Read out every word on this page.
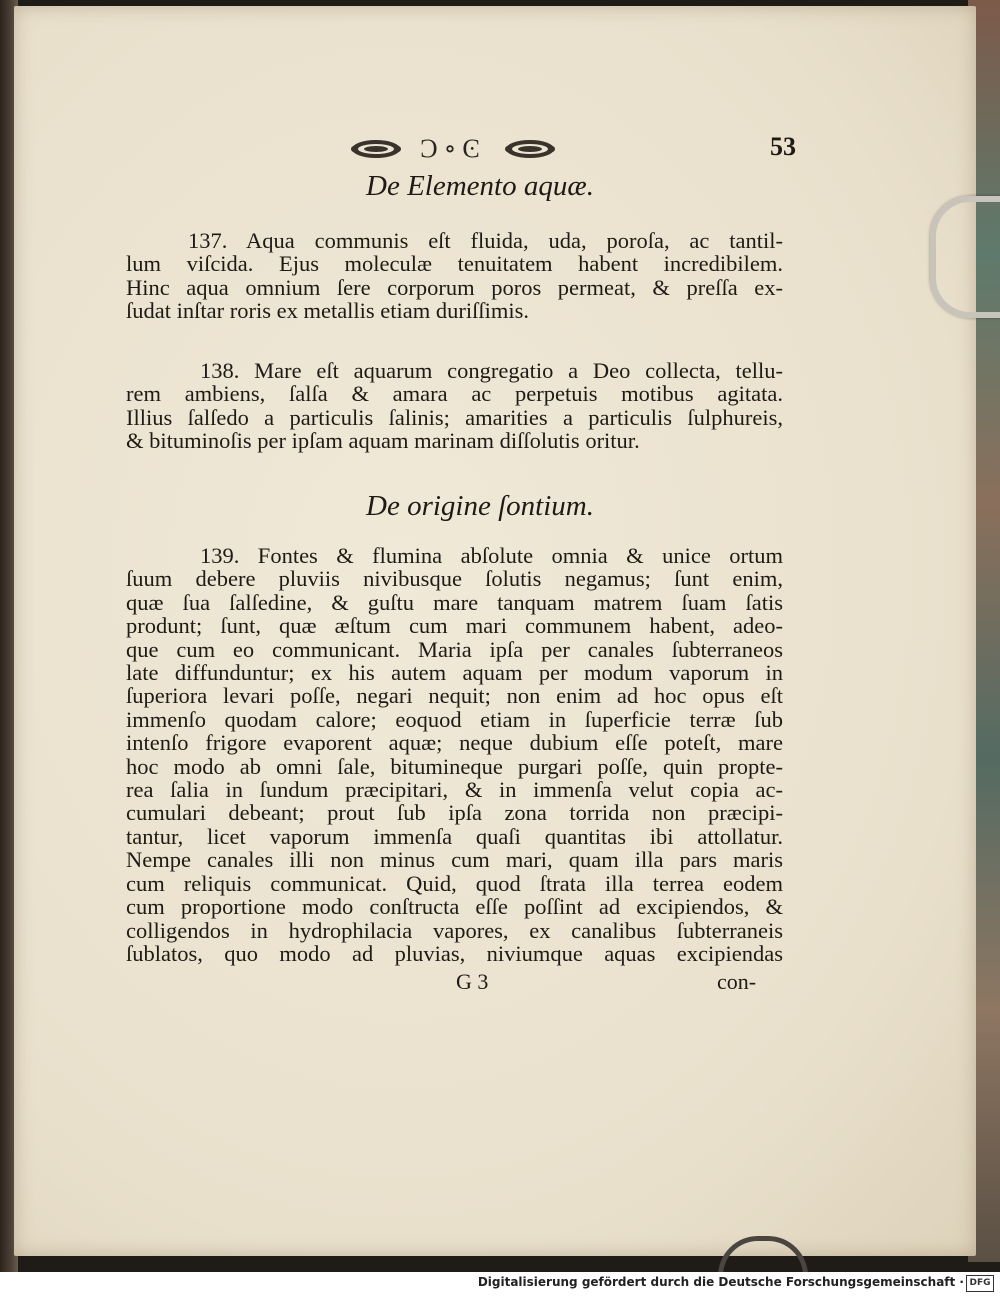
Ͻ∘Ͼ	53
De Elemento aquæ.
137. Aqua communis eſt fluida, uda, poroſa, ac tantil-
lum viſcida. Ejus moleculæ tenuitatem habent incredibilem.
Hinc aqua omnium ſere corporum poros permeat, & preſſa ex-
ſudat inſtar roris ex metallis etiam duriſſimis.
138. Mare eſt aquarum congregatio a Deo collecta, tellu-
rem ambiens, ſalſa & amara ac perpetuis motibus agitata.
Illius ſalſedo a particulis ſalinis; amarities a particulis ſulphureis,
& bituminoſis per ipſam aquam marinam diſſolutis oritur.
De origine ſontium.
139. Fontes & flumina abſolute omnia & unice ortum
ſuum debere pluviis nivibusque ſolutis negamus; ſunt enim,
quæ ſua ſalſedine, & guſtu mare tanquam matrem ſuam ſatis
produnt; ſunt, quæ æſtum cum mari communem habent, adeo-
que cum eo communicant. Maria ipſa per canales ſubterraneos
late diffunduntur; ex his autem aquam per modum vaporum in
ſuperiora levari poſſe, negari nequit; non enim ad hoc opus eſt
immenſo quodam calore; eoquod etiam in ſuperficie terræ ſub
intenſo frigore evaporent aquæ; neque dubium eſſe poteſt, mare
hoc modo ab omni ſale, bitumineque purgari poſſe, quin propte-
rea ſalia in ſundum præcipitari, & in immenſa velut copia ac-
cumulari debeant; prout ſub ipſa zona torrida non præcipi-
tantur, licet vaporum immenſa quaſi quantitas ibi attollatur.
Nempe canales illi non minus cum mari, quam illa pars maris
cum reliquis communicat. Quid, quod ſtrata illa terrea eodem
cum proportione modo conſtructa eſſe poſſint ad excipiendos, &
colligendos in hydrophilacia vapores, ex canalibus ſubterraneis
ſublatos, quo modo ad pluvias, niviumque aquas excipiendas
G 3	con-
Digitalisierung gefördert durch die Deutsche Forschungsgemeinschaft · DFG
